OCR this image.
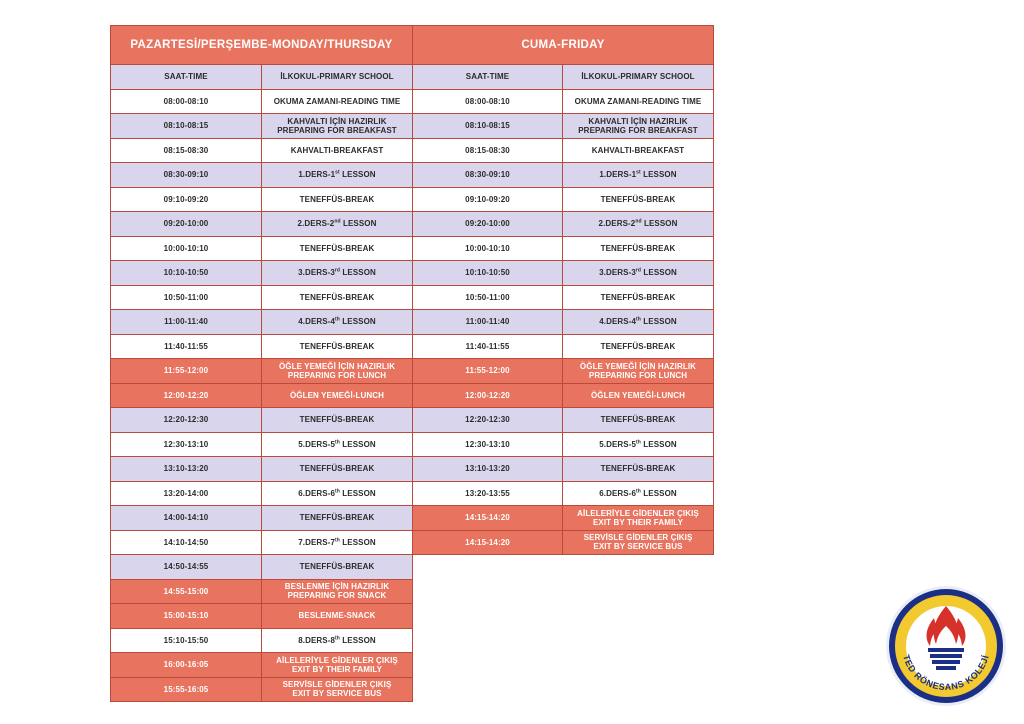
PAZARTESİ/PERŞEMBE-MONDAY/THURSDAY	
SAAT-TIME	İLKOKUL-PRIMARY SCHOOL
08:00-08:10	OKUMA ZAMANI-READING TIME
08:10-08:15	KAHVALTI İÇİN HAZIRLIK
PREPARING FOR BREAKFAST
08:15-08:30	KAHVALTI-BREAKFAST
08:30-09:10	1.DERS-1st LESSON
09:10-09:20	TENEFFÜS-BREAK
09:20-10:00	2.DERS-2nd LESSON
10:00-10:10	TENEFFÜS-BREAK
10:10-10:50	3.DERS-3rd LESSON
10:50-11:00	TENEFFÜS-BREAK
11:00-11:40	4.DERS-4th LESSON
11:40-11:55	TENEFFÜS-BREAK
11:55-12:00	ÖĞLE YEMEĞİ İÇİN HAZIRLIK
PREPARING FOR LUNCH
12:00-12:20	ÖĞLEN YEMEĞİ-LUNCH
12:20-12:30	TENEFFÜS-BREAK
12:30-13:10	5.DERS-5th LESSON
13:10-13:20	TENEFFÜS-BREAK
13:20-14:00	6.DERS-6th LESSON
14:00-14:10	TENEFFÜS-BREAK
14:10-14:50	7.DERS-7th LESSON
14:50-14:55	TENEFFÜS-BREAK
14:55-15:00	BESLENME İÇİN HAZIRLIK
PREPARING FOR SNACK
15:00-15:10	BESLENME-SNACK
15:10-15:50	8.DERS-8th LESSON
16:00-16:05	AİLELERİYLE GİDENLER ÇIKIŞ
EXIT BY THEIR FAMILY
15:55-16:05	SERVİSLE GİDENLER ÇIKIŞ
EXIT BY SERVICE BUS
CUMA-FRIDAY	
SAAT-TIME	İLKOKUL-PRIMARY SCHOOL
08:00-08:10	OKUMA ZAMANI-READING TIME
08:10-08:15	KAHVALTI İÇİN HAZIRLIK
PREPARING FOR BREAKFAST
08:15-08:30	KAHVALTI-BREAKFAST
08:30-09:10	1.DERS-1st LESSON
09:10-09:20	TENEFFÜS-BREAK
09:20-10:00	2.DERS-2nd LESSON
10:00-10:10	TENEFFÜS-BREAK
10:10-10:50	3.DERS-3rd LESSON
10:50-11:00	TENEFFÜS-BREAK
11:00-11:40	4.DERS-4th LESSON
11:40-11:55	TENEFFÜS-BREAK
11:55-12:00	ÖĞLE YEMEĞİ İÇİN HAZIRLIK
PREPARING FOR LUNCH
12:00-12:20	ÖĞLEN YEMEĞİ-LUNCH
12:20-12:30	TENEFFÜS-BREAK
12:30-13:10	5.DERS-5th LESSON
13:10-13:20	TENEFFÜS-BREAK
13:20-13:55	6.DERS-6th LESSON
14:15-14:20	AİLELERİYLE GİDENLER ÇIKIŞ
EXIT BY THEIR FAMILY
14:15-14:20	SERVİSLE GİDENLER ÇIKIŞ
EXIT BY SERVICE BUS
TED RÖNESANS KOLEJİ
